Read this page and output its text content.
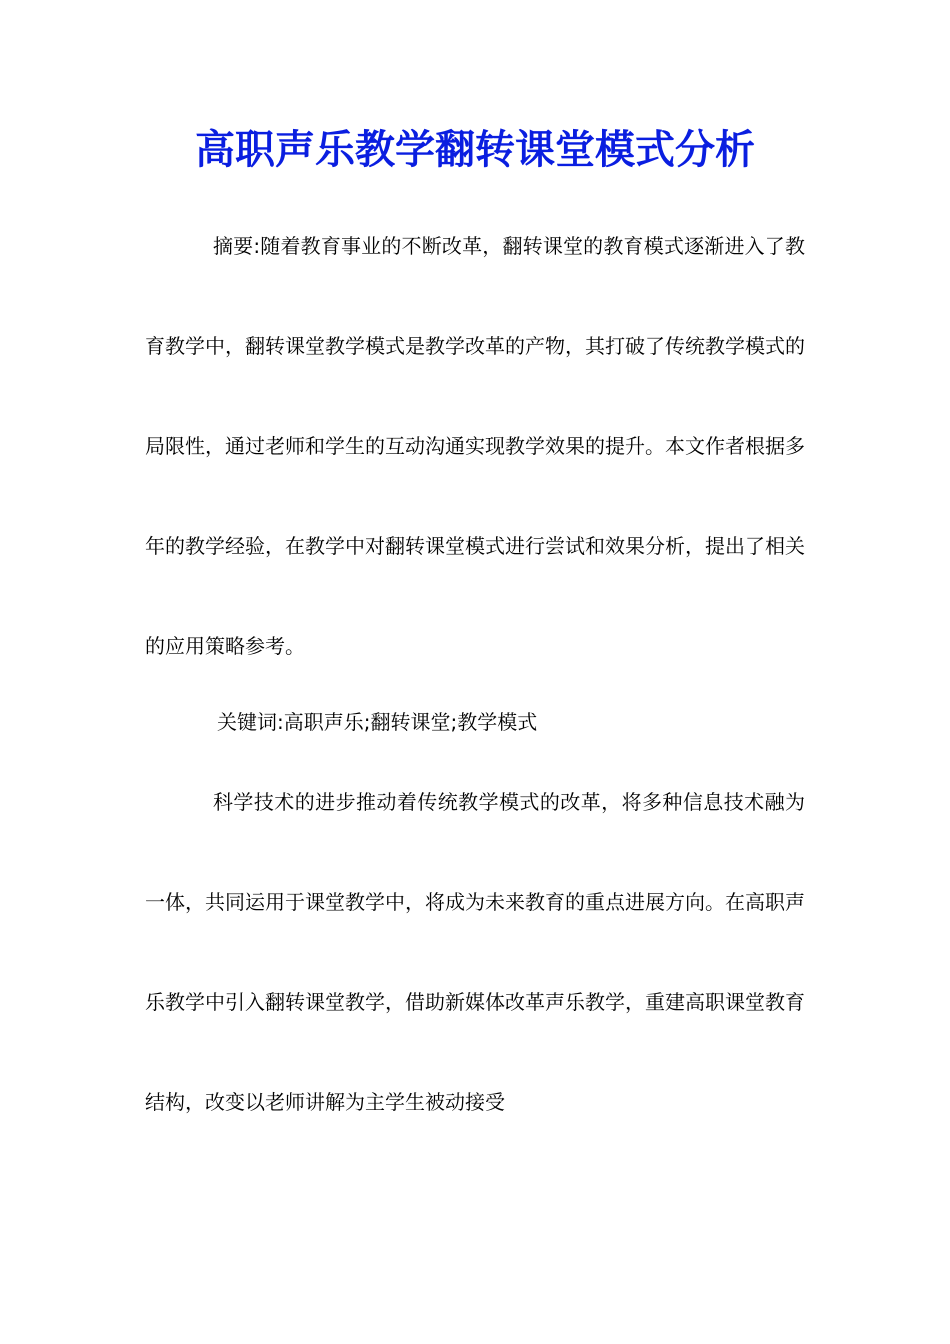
高职声乐教学翻转课堂模式分析

摘要:随着教育事业的不断改革，翻转课堂的教育模式逐渐进入了教育教学中，翻转课堂教学模式是教学改革的产物，其打破了传统教学模式的局限性，通过老师和学生的互动沟通实现教学效果的提升。本文作者根据多年的教学经验，在教学中对翻转课堂模式进行尝试和效果分析，提出了相关的应用策略参考。

关键词:高职声乐;翻转课堂;教学模式

科学技术的进步推动着传统教学模式的改革，将多种信息技术融为一体，共同运用于课堂教学中，将成为未来教育的重点进展方向。在高职声乐教学中引入翻转课堂教学，借助新媒体改革声乐教学，重建高职课堂教育结构，改变以老师讲解为主学生被动接受
